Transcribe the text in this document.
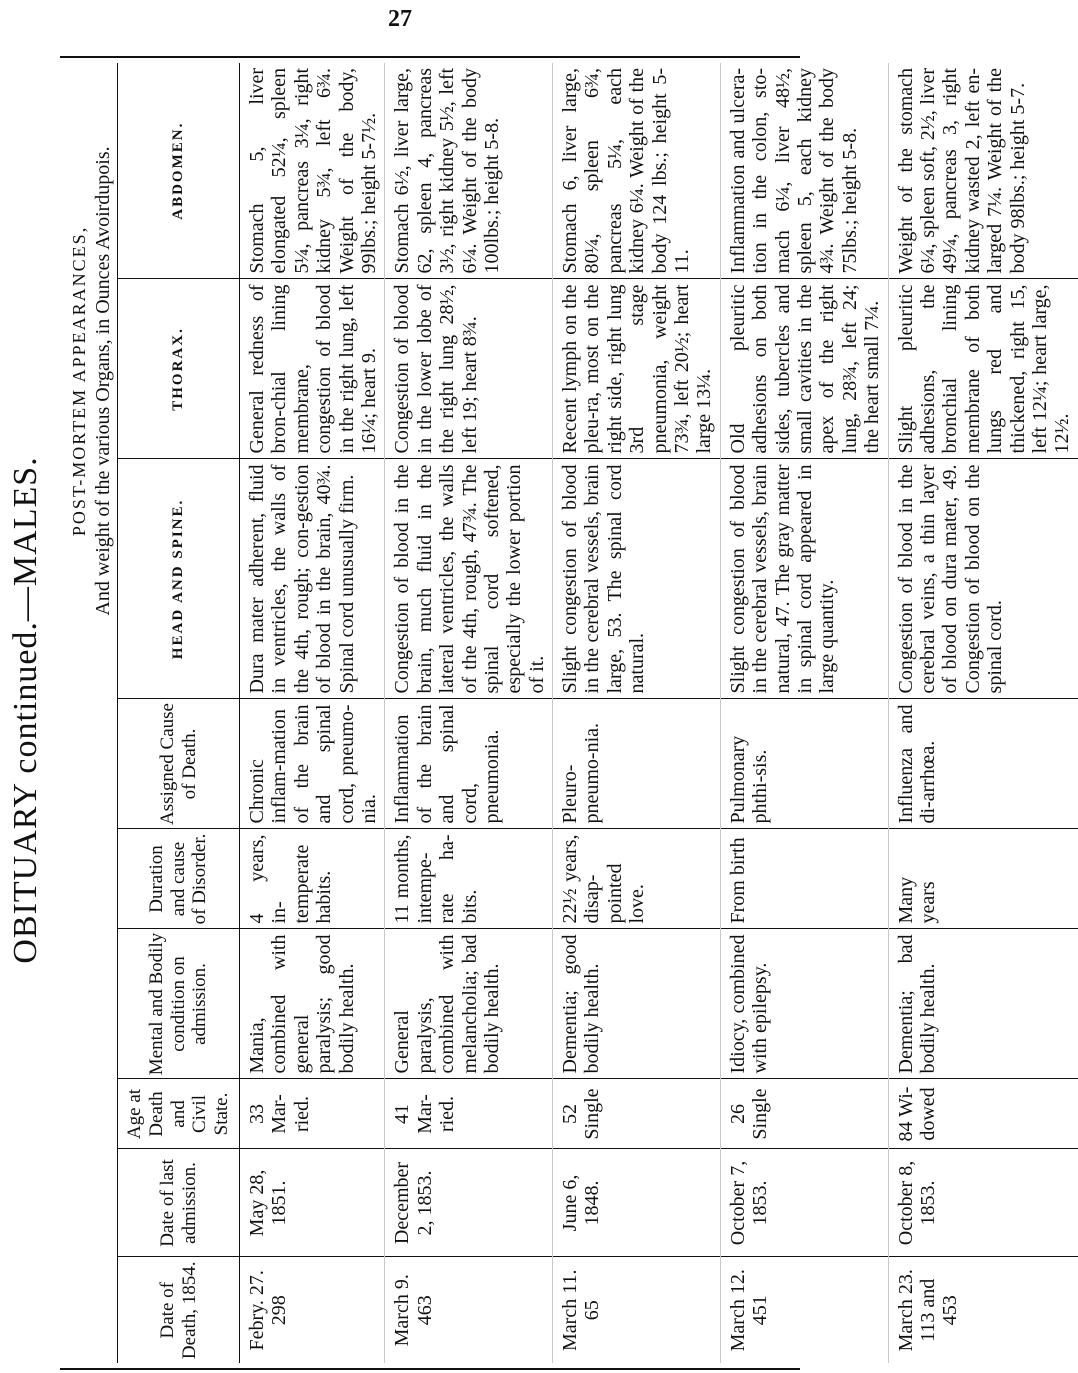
27
OBITUARY continued.—MALES.

						POST-MORTEM APPEARANCES, And weight of the various Organs, in Ounces Avoirdupois.		

Date of Death, 1854.	Date of last admission.	Age at Death and Civil State.	Mental and Bodily condition on admission.	Duration and cause of Disorder.	Assigned Cause of Death.	HEAD AND SPINE.	THORAX.	ABDOMEN.
Febry. 27. 298	May 28, 1851.	33 Mar-ried.	Mania, combined with general paralysis; good bodily health.	4 years, in-temperate habits.	Chronic inflam-mation of the brain and spinal cord, pneumo-nia.	Dura mater adherent, fluid in ventricles, the walls of the 4th, rough; con-gestion of blood in the brain, 40¾. Spinal cord unusually firm.	General redness of bron-chial lining membrane, congestion of blood in the right lung, left 16¼; heart 9.	Stomach 5, liver elongated 52¼, spleen 5¼, pancreas 3¼, right kidney 5¾, left 6¾. Weight of the body, 99lbs.; height 5-7½.
March 9. 463	December 2, 1853.	41 Mar-ried.	General paralysis, combined with melancholia; bad bodily health.	11 months, intempe-rate ha-bits.	Inflammation of the brain and spinal cord, pneumonia.	Congestion of blood in the brain, much fluid in the lateral ventricles, the walls of the 4th, rough, 47¾. The spinal cord softened, especially the lower portion of it.	Congestion of blood in the lower lobe of the right lung 28½, left 19; heart 8¾.	Stomach 6½, liver large, 62, spleen 4, pancreas 3½, right kidney 5½, left 6¼. Weight of the body 100lbs.; height 5-8.
March 11. 65	June 6, 1848.	52 Single	Dementia; good bodily health.	22½ years, disap-pointed love.	Pleuro-pneumo-nia.	Slight congestion of blood in the cerebral vessels, brain large, 53. The spinal cord natural.	Recent lymph on the pleu-ra, most on the right side, right lung 3rd stage pneumonia, weight 73¾, left 20½; heart large 13¼.	Stomach 6, liver large, 80¼, spleen 6¾, pancreas 5¼, each kidney 6¼. Weight of the body 124 lbs.; height 5-11.
March 12. 451	October 7, 1853.	26 Single	Idiocy, combined with epilepsy.	From birth	Pulmonary phthi-sis.	Slight congestion of blood in the cerebral vessels, brain natural, 47. The gray matter in spinal cord appeared in large quantity.	Old pleuritic adhesions on both sides, tubercles and small cavities in the apex of the right lung, 28¾, left 24; the heart small 7¼.	Inflammation and ulcera-tion in the colon, sto-mach 6¼, liver 48½, spleen 5, each kidney 4¾. Weight of the body 75lbs.; height 5-8.
March 23. 113 and 453	October 8, 1853.	84 Wi-dowed	Dementia; bad bodily health.	Many years	Influenza and di-arrhœa.	Congestion of blood in the cerebral veins, a thin layer of blood on dura mater, 49. Congestion of blood on the spinal cord.	Slight pleuritic adhesions, the bronchial lining membrane of both lungs red and thickened, right 15, left 12¼; heart large, 12½.	Weight of the stomach 6¼, spleen soft, 2½, liver 49¼, pancreas 3, right kidney wasted 2, left en-larged 7¼. Weight of the body 98lbs.; height 5-7.
